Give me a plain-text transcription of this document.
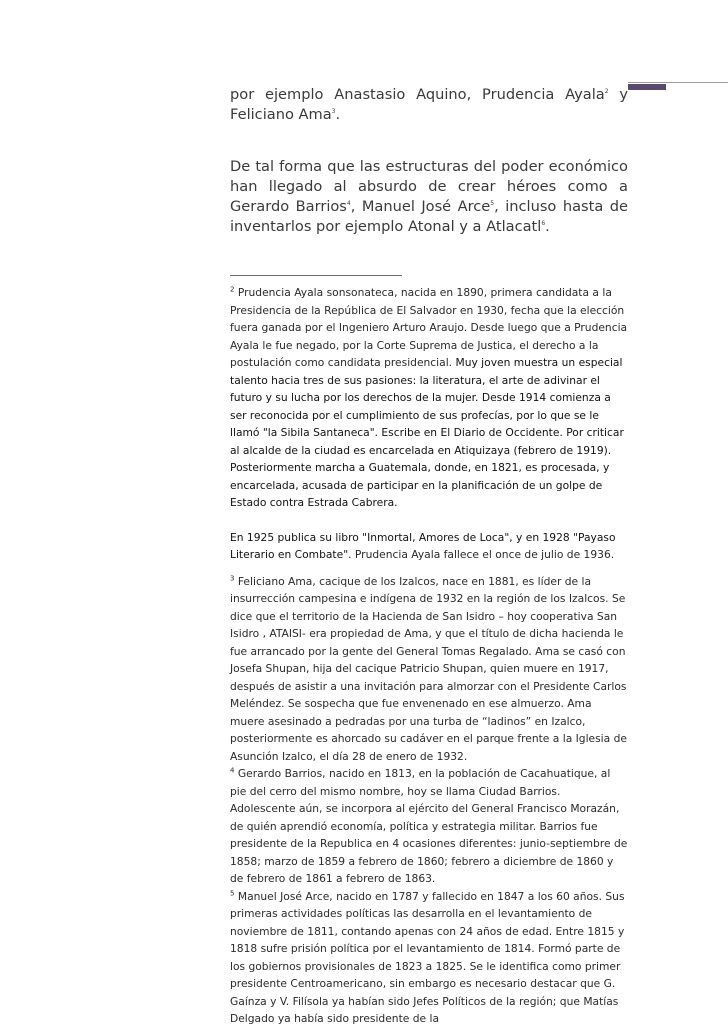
por ejemplo Anastasio Aquino, Prudencia Ayala$^2$ y Feliciano Ama$^3$.

De tal forma que las estructuras del poder económico han llegado al absurdo de crear héroes como a Gerardo Barrios$^4$, Manuel José Arce$^5$, incluso hasta de inventarlos por ejemplo Atonal y a Atlacatl$^6$.

$^2$ Prudencia Ayala sonsonateca, nacida en 1890, primera candidata a la Presidencia de la República de El Salvador en 1930, fecha que la elección fuera ganada por el Ingeniero Arturo Araujo. Desde luego que a Prudencia Ayala le fue negado, por la Corte Suprema de Justica, el derecho a la postulación como candidata presidencial. Muy joven muestra un especial talento hacia tres de sus pasiones: la literatura, el arte de adivinar el futuro y su lucha por los derechos de la mujer. Desde 1914 comienza a ser reconocida por el cumplimiento de sus profecías, por lo que se le llamó "la Sibila Santaneca". Escribe en El Diario de Occidente. Por criticar al alcalde de la ciudad es encarcelada en Atiquizaya (febrero de 1919). Posteriormente marcha a Guatemala, donde, en 1821, es procesada, y encarcelada, acusada de participar en la planificación de un golpe de Estado contra Estrada Cabrera.

En 1925 publica su libro "Inmortal, Amores de Loca", y en 1928 "Payaso Literario en Combate". Prudencia Ayala fallece el once de julio de 1936.

$^3$ Feliciano Ama, cacique de los Izalcos, nace en 1881, es líder de la insurrección campesina e indígena de 1932 en la región de los Izalcos. Se dice que el territorio de la Hacienda de San Isidro – hoy cooperativa San Isidro , ATAISI- era propiedad de Ama, y que el título de dicha hacienda le fue arrancado por la gente del General Tomas Regalado. Ama se casó con Josefa Shupan, hija del cacique Patricio Shupan, quien muere en 1917, después de asistir a una invitación para almorzar con el Presidente Carlos Meléndez. Se sospecha que fue envenenado en ese almuerzo. Ama muere asesinado a pedradas por una turba de “ladinos” en Izalco, posteriormente es ahorcado su cadáver en el parque frente a la Iglesia de Asunción Izalco, el día 28 de enero de 1932.

$^4$ Gerardo Barrios, nacido en 1813, en la población de Cacahuatique, al pie del cerro del mismo nombre, hoy se llama Ciudad Barrios. Adolescente aún, se incorpora al ejército del General Francisco Morazán, de quién aprendió economía, política y estrategia militar. Barrios fue presidente de la Republica en 4 ocasiones diferentes: junio-septiembre de 1858; marzo de 1859 a febrero de 1860; febrero a diciembre de 1860 y de febrero de 1861 a febrero de 1863.

$^5$ Manuel José Arce, nacido en 1787 y fallecido en 1847 a los 60 años. Sus primeras actividades políticas las desarrolla en el levantamiento de noviembre de 1811, contando apenas con 24 años de edad. Entre 1815 y 1818 sufre prisión política por el levantamiento de 1814. Formó parte de los gobiernos provisionales de 1823 a 1825. Se le identifica como primer presidente Centroamericano, sin embargo es necesario destacar que G. Gaínza y V. Filísola ya habían sido Jefes Políticos de la región; que Matías Delgado ya había sido presidente de la
